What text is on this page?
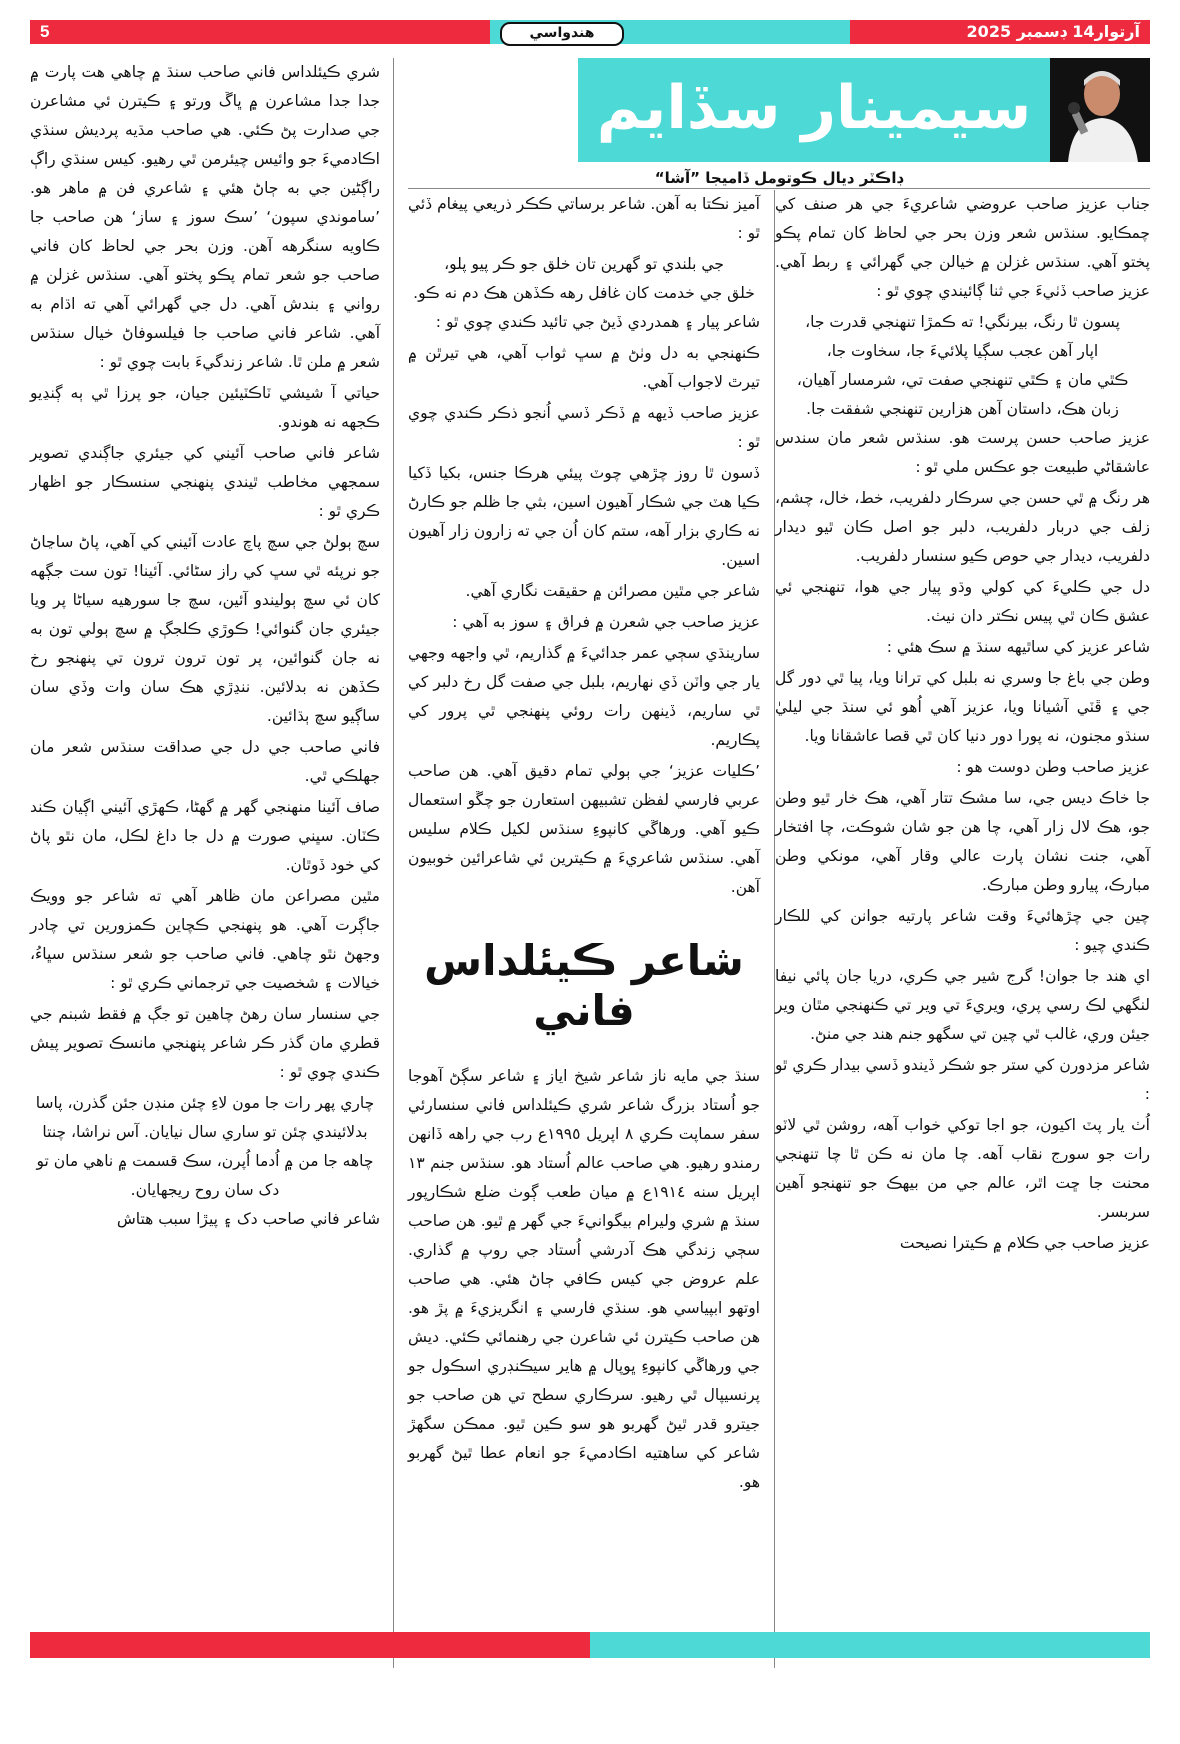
5	آرتوار14 ڊسمبر 2025
هندواسي
سيمينار سڏايم
ڊاڪٽر ديال ڪوتومل ڏاميجا ”آشا“

جناب عزيز صاحب عروضي شاعريءَ جي هر صنف کي چمڪايو. سنڌس شعر وزن بحر جي لحاظ کان تمام پڪو پختو آهي. سنڌس غزلن ۾ خيالن جي گهرائي ۽ ربط آهي. عزيز صاحب ڏٺيءَ جي ثنا ڳائيندي چوي ٿو :

پسون ٿا رنگ، بيرنگي! ته ڪمڙا تنهنجي قدرت جا،

اپار آهن عجب سڳيا پلائيءَ جا، سخاوت جا،

ڪٿي مان ۽ ڪٿي تنهنجي صفت تي، شرمسار آهيان،

زبان هڪ، داستان آهن هزارين تنهنجي شفقت جا.

عزيز صاحب حسن پرست هو. سنڌس شعر مان سندس عاشقاڻي طبيعت جو عڪس ملي ٿو :

هر رنگ ۾ ٿي حسن جي سرڪار دلفريب، خط، خال، چشم، زلف جي دربار دلفريب، دلبر جو اصل ڪان ٿيو ديدار دلفريب، ديدار جي حوص ڪيو سنسار دلفريب.

دل جي ڪليءَ کي کولي وڌو پيار جي هوا، تنهنجي ئي عشق ڪان ٿي پيس نڪتر دان نيٺ.

شاعر عزيز کي ساٿيهه سنڌ ۾ سڪ هئي :

وطن جي باغ جا وسري نه بلبل کي ترانا ويا، پيا ٿي دور گل جي ۽ ڦٽي آشيانا ويا، عزيز آهي اُهو ئي سنڌ جي ليليٰ سنڌو مجنون، نه پورا دور دنيا کان ٿي قصا عاشقانا ويا.

عزيز صاحب وطن دوست هو :

جا خاڪ ديس جي، سا مشڪ تتار آهي، هڪ خار ٿيو وطن جو، هڪ لال زار آهي، چا هن جو شان شوڪت، چا افتخار آهي، جنت نشان پارت عالي وقار آهي، مونکي وطن مبارڪ، پيارو وطن مبارڪ.

چين جي چڙهائيءَ وقت شاعر پارتيه جوانن کي للڪار ڪندي چيو :

اي هند جا جوان! گرج شير جي ڪري، دريا جان پائي نيفا لنگهي لڪ رسي پري، ويريءَ تي وير تي ڪنهنجي مٿان وير جيئن وري، غالب ٿي چين تي سگهو جنم هند جي منڻ.

شاعر مزدورن کي ستر جو شڪر ڏيندو ڏسي بيدار ڪري ٿو :

اُٺ يار پٽ اکيون، جو اجا توکي خواب آهه، روشن ٿي لاٽو رات جو سورج نقاب آهه. چا مان نه ڪن ٿا چا تنهنجي محنت جا ڇت اٿر، عالم جي من بيهڪ جو تنهنجو آهين سربسر.

عزيز صاحب جي ڪلام ۾ ڪيترا نصيحت

آميز نڪتا به آهن. شاعر برساتي ڪڪر ذريعي پيغام ڏئي ٿو :

جي بلندي تو گهرين تان خلق جو ڪر پيو پلو،

خلق جي خدمت کان غافل رهه ڪڏهن هڪ دم نه ڪو.

شاعر پيار ۽ همدردي ڏيڻ جي تائيد ڪندي چوي ٿو :

ڪنهنجي به دل وٺڻ ۾ سڀ ثواب آهي، هي تيرٿن ۾ تيرٿ لاجواب آهي.

عزيز صاحب ڏيهه ۾ ڏڪر ڏسي اُنجو ذڪر ڪندي چوي ٿو :

ڏسون ٿا روز چڙهي چوٽ پيئي هرڪا جنس، بکيا ڏکيا ڪيا هٽ جي شڪار آهيون اسين، بثي جا ظلم جو ڪارڻ نه ڪاري بزار آهه، ستم کان اُن جي ته زارون زار آهيون اسين.

شاعر جي مٿين مصرائن ۾ حقيقت نگاري آهي.

عزيز صاحب جي شعرن ۾ فراق ۽ سوز به آهي :

سارينڌي سڄي عمر جدائيءَ ۾ گذاريم، ٿي واجهه وجهي يار جي واٽن ڏي نهاريم، بلبل جي صفت گل رخ دلبر کي ٿي ساريم، ڏينهن رات روئي پنهنجي ٿي پرور کي پڪاريم.

’ڪليات عزيز‘ جي ٻولي تمام دقيق آهي. هن صاحب عربي فارسي لفظن تشبيهن استعارن جو چڱو استعمال ڪيو آهي. ورهاڱي کانپوءِ سنڌس لکيل ڪلام سليس آهي. سنڌس شاعريءَ ۾ ڪيترين ئي شاعرائين خوبيون آهن.

شاعر ڪيئلداس فاني

سنڌ جي مايه ناز شاعر شيخ اياز ۽ شاعر سڳڻ آهوجا جو اُستاد بزرگ شاعر شري ڪيئلداس فاني سنسارئي سفر سماپت ڪري ٨ اپريل ١٩٩٥ع رب جي راهه ڏانهن رمندو رهيو. هي صاحب عالم اُستاد هو. سنڌس جنم ١٣ اپريل سنه ١٩١٤ع ۾ ميان طعب ڳوٺ ضلع شڪارپور سنڌ ۾ شري وليرام بيگوانيءَ جي گهر ۾ ٿيو. هن صاحب سڄي زندگي هڪ آدرشي اُستاد جي روپ ۾ گذاري. علم عروض جي کيس ڪافي ڄاڻ هئي. هي صاحب اوتهو ابپياسي هو. سنڌي فارسي ۽ انگريزيءَ ۾ پڙ هو. هن صاحب ڪيترن ئي شاعرن جي رهنمائي ڪئي. ديش جي ورهاڱي کانپوءِ ڀوپال ۾ هاير سيڪنڊري اسڪول جو پرنسيپال ٿي رهيو. سرڪاري سطح تي هن صاحب جو جيترو قدر ٿيڻ گهربو هو سو ڪين ٿيو. ممڪن سگهڙ شاعر کي ساهتيه اڪادميءَ جو انعام عطا ٿيڻ گهربو هو.

شري ڪيئلداس فاني صاحب سنڌ ۾ چاهي هت پارت ۾ جدا جدا مشاعرن ۾ ڀاڱ ورتو ۽ ڪيترن ئي مشاعرن جي صدارت پڻ ڪئي. هي صاحب مڌيه پرديش سنڌي اڪادميءَ جو وائيس چيئرمن ٿي رهيو. کيس سنڌي راڳ راڳڻين جي به ڄاڻ هئي ۽ شاعري فن ۾ ماهر هو. ’ساموندي سپون‘ ’سڪ سوز ۽ ساز‘ هن صاحب جا ڪاويه سنگرهه آهن. وزن بحر جي لحاظ کان فاني صاحب جو شعر تمام پڪو پختو آهي. سنڌس غزلن ۾ رواني ۽ بندش آهي. دل جي گهرائي آهي ته اڌام به آهي. شاعر فاني صاحب جا فيلسوفاڻ خيال سنڌس شعر ۾ ملن ٿا. شاعر زندگيءَ بابت چوي ٿو :

حياتي آ شيشي ٽاڪٽيئين جيان، جو پرزا ٿي ٻه ڳنڍيو ڪجهه نه هوندو.

شاعر فاني صاحب آئيني کي جيئري جاڳندي تصوير سمجهي مخاطب ٿيندي پنهنجي سنسڪار جو اظهار ڪري ٿو :

سچ ٻولڻ جي سچ پاچ عادت آئيني کي آهي، پاڻ ساڃاڻ جو نرپئه ٿي سڀ کي راز سڻائي. آئينا! تون ست جڳهه کان ئي سچ ٻوليندو آئين، سچ جا سورهيه سياڻا پر ويا جيئري جان گنوائي! ڪوڙي ڪلجڳ ۾ سچ ٻولي تون به نه جان گنوائين، پر تون ترون ترون تي پنهنجو رخ ڪڏهن نه بدلائين. ننڍڙي هڪ سان وات وڏي سان ساڳيو سچ ٻڌائين.

فاني صاحب جي دل جي صداقت سنڌس شعر مان جهلڪي ٿي.

صاف آئينا منهنجي گهر ۾ گهڻا، ڪهڙي آئيني اڳيان ڪند ڪٽان. سڀني صورت ۾ دل جا داغ لڪل، مان نٿو پاڻ کي خود ڏوٿان.

مٿين مصراعن مان ظاهر آهي ته شاعر جو وويڪ جاڳرت آهي. هو پنهنجي ڪچاين ڪمزورين تي چادر وجهڻ نٿو چاهي. فاني صاحب جو شعر سنڌس سڀاءُ، خيالات ۽ شخصيت جي ترجماني ڪري ٿو :

جي سنسار سان رهڻ چاهين تو جڳ ۾ فقط شبنم جي قطري مان گذر ڪر شاعر پنهنجي مانسڪ تصوير پيش ڪندي چوي ٿو :

چاري پهر رات جا مون لاءِ چئن منڊن جئن گذرن، پاسا بدلائيندي چئن تو ساري سال نيايان. آس نراشا، چنتا چاهه جا من ۾ اُدما اُپرن، سڪ قسمت ۾ ناهي مان تو دک سان روح ريجهايان.

شاعر فاني صاحب دک ۽ پيڙا سبب هتاش
